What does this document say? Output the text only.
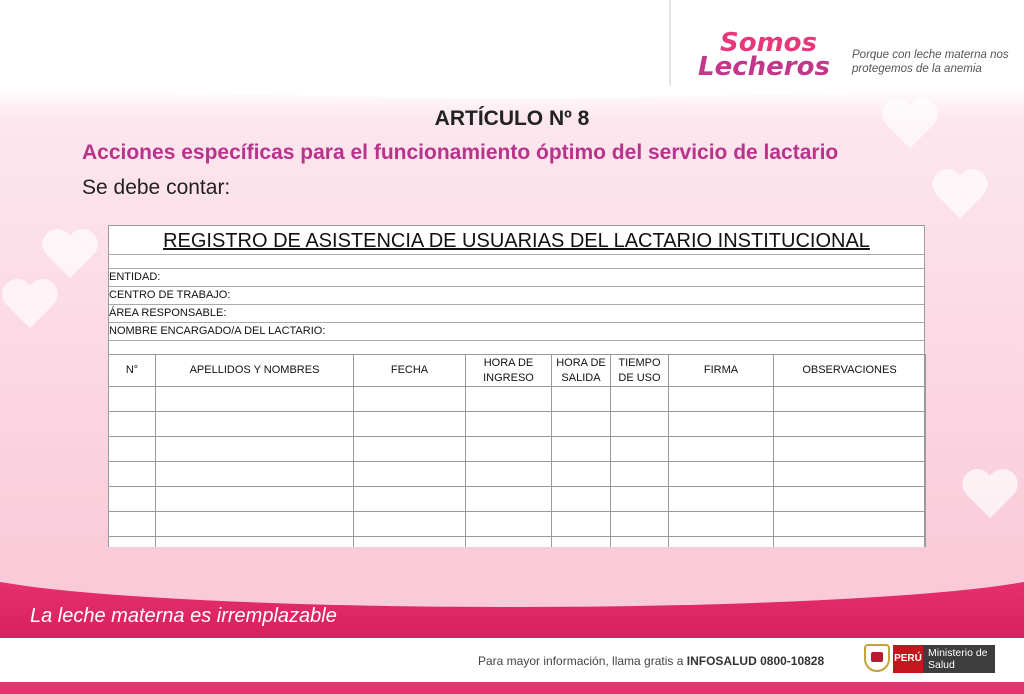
Somos
Lecheros Porque con leche materna nos protegemos de la anemia
ARTÍCULO Nº 8
Acciones específicas para el funcionamiento óptimo del servicio de lactario
Se debe contar:
REGISTRO DE ASISTENCIA DE USUARIAS DEL LACTARIO INSTITUCIONAL
ENTIDAD:
CENTRO DE TRABAJO:
ÁREA RESPONSABLE:
NOMBRE ENCARGADO/A DEL LACTARIO:
N°	APELLIDOS Y NOMBRES	FECHA	HORA DE INGRESO	HORA DE SALIDA	TIEMPO DE USO	FIRMA	OBSERVACIONES

La leche materna es irremplazable
Para mayor información, llama gratis a INFOSALUD 0800-10828	PERÚ Ministerio de Salud
